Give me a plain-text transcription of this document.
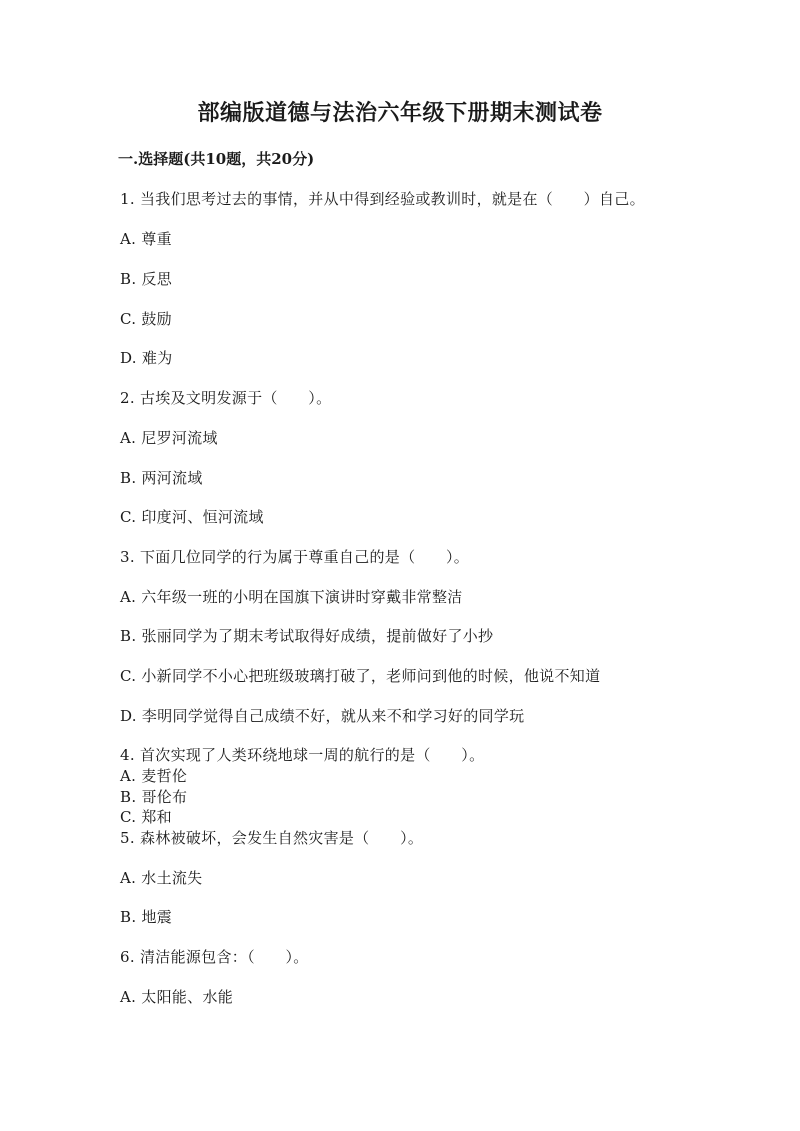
部编版道德与法治六年级下册期末测试卷
一.选择题(共10题，共20分)
1. 当我们思考过去的事情，并从中得到经验或教训时，就是在（　　）自己。
A. 尊重
B. 反思
C. 鼓励
D. 难为
2. 古埃及文明发源于（　　）。
A. 尼罗河流域
B. 两河流域
C. 印度河、恒河流域
3. 下面几位同学的行为属于尊重自己的是（　　）。
A. 六年级一班的小明在国旗下演讲时穿戴非常整洁
B. 张丽同学为了期末考试取得好成绩，提前做好了小抄
C. 小新同学不小心把班级玻璃打破了，老师问到他的时候，他说不知道
D. 李明同学觉得自己成绩不好，就从来不和学习好的同学玩
4. 首次实现了人类环绕地球一周的航行的是（　　）。
A. 麦哲伦
B. 哥伦布
C. 郑和
5. 森林被破坏，会发生自然灾害是（　　）。
A. 水土流失
B. 地震
6. 清洁能源包含：（　　）。
A. 太阳能、水能
